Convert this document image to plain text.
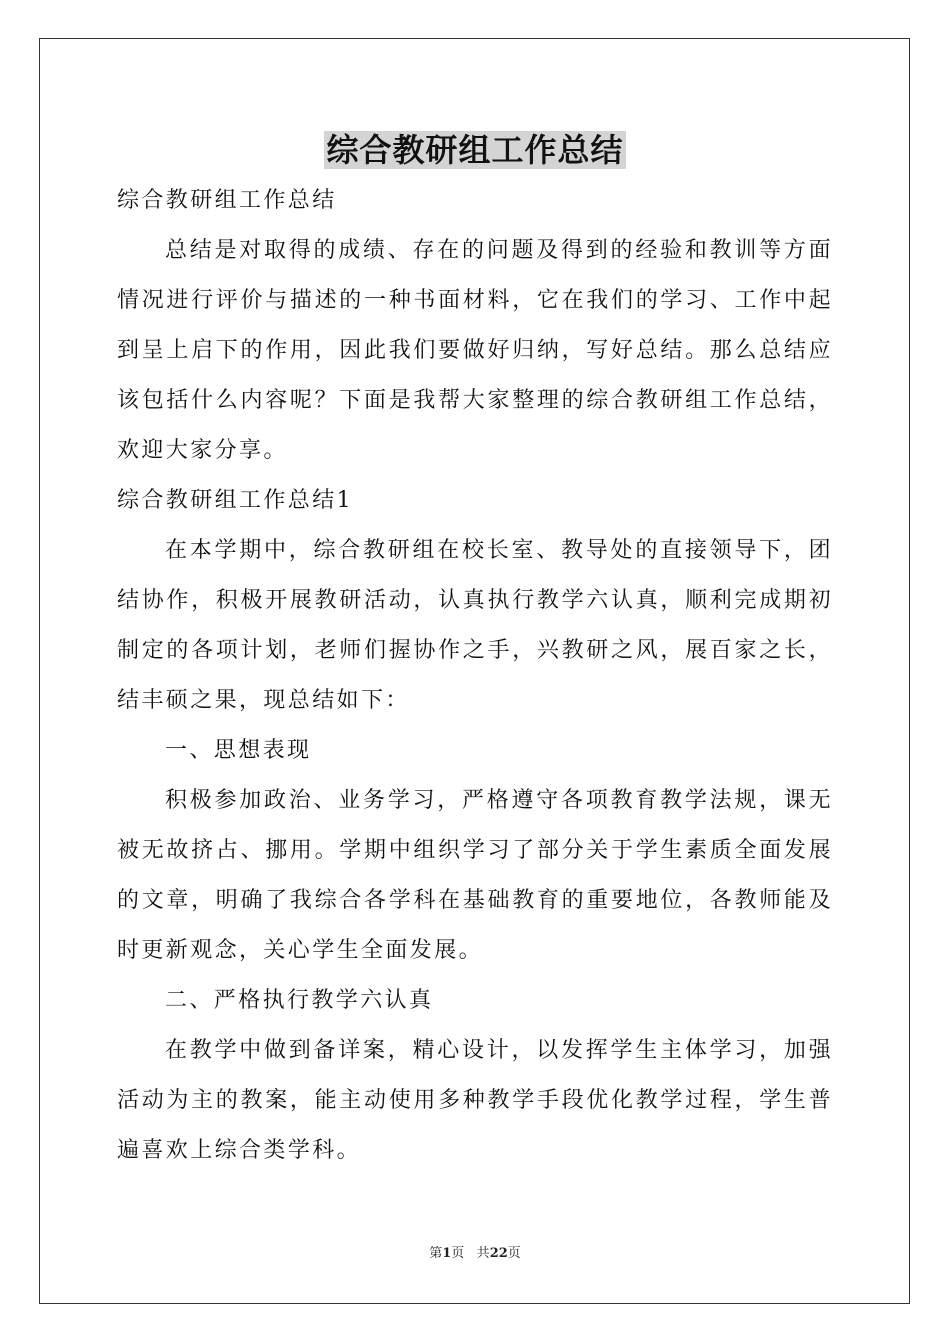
综合教研组工作总结

综合教研组工作总结

总结是对取得的成绩、存在的问题及得到的经验和教训等方面情况进行评价与描述的一种书面材料，它在我们的学习、工作中起到呈上启下的作用，因此我们要做好归纳，写好总结。那么总结应该包括什么内容呢？下面是我帮大家整理的综合教研组工作总结，欢迎大家分享。

综合教研组工作总结1

在本学期中，综合教研组在校长室、教导处的直接领导下，团结协作，积极开展教研活动，认真执行教学六认真，顺利完成期初制定的各项计划，老师们握协作之手，兴教研之风，展百家之长，结丰硕之果，现总结如下：

一、思想表现

积极参加政治、业务学习，严格遵守各项教育教学法规，课无被无故挤占、挪用。学期中组织学习了部分关于学生素质全面发展的文章，明确了我综合各学科在基础教育的重要地位，各教师能及时更新观念，关心学生全面发展。

二、严格执行教学六认真

在教学中做到备详案，精心设计，以发挥学生主体学习，加强活动为主的教案，能主动使用多种教学手段优化教学过程，学生普遍喜欢上综合类学科。

第1页 共22页
